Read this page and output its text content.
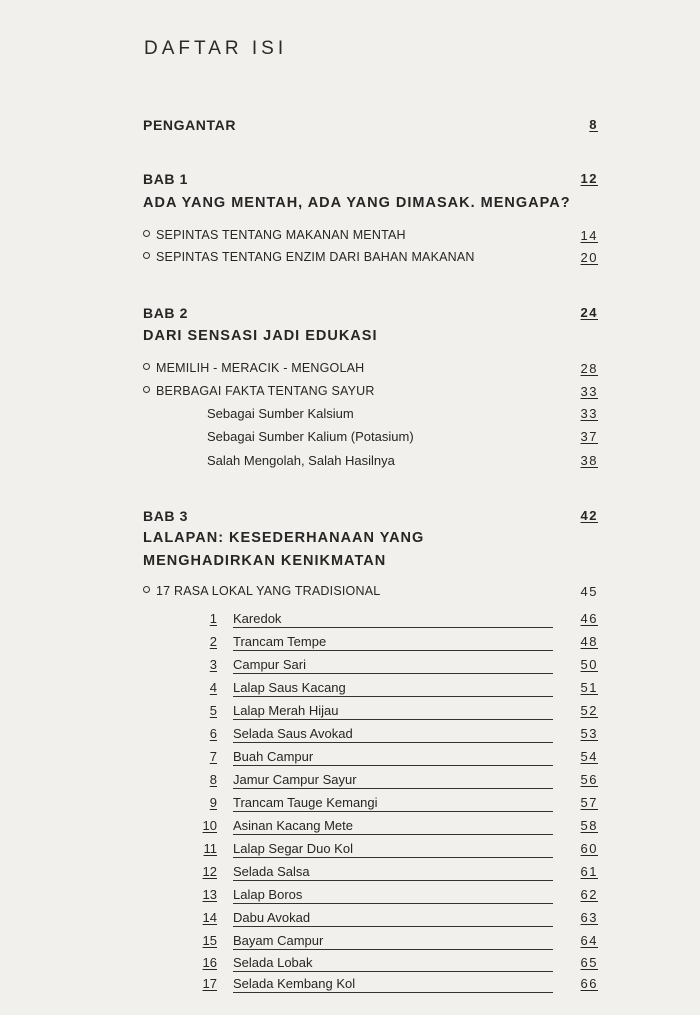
DAFTAR ISI
PENGANTAR	8
BAB 1	12
ADA YANG MENTAH, ADA YANG DIMASAK. MENGAPA?
SEPINTAS TENTANG MAKANAN MENTAH	14
SEPINTAS TENTANG ENZIM DARI BAHAN MAKANAN	20
BAB 2	24
DARI SENSASI JADI EDUKASI
MEMILIH - MERACIK - MENGOLAH	28
BERBAGAI FAKTA TENTANG SAYUR	33
Sebagai Sumber Kalsium	33
Sebagai Sumber Kalium (Potasium)	37
Salah Mengolah, Salah Hasilnya	38
BAB 3	42
LALAPAN: KESEDERHANAAN YANG
MENGHADIRKAN KENIKMATAN
17 RASA LOKAL YANG TRADISIONAL	45
1 Karedok	46
2 Trancam Tempe	48
3 Campur Sari	50
4 Lalap Saus Kacang	51
5 Lalap Merah Hijau	52
6 Selada Saus Avokad	53
7 Buah Campur	54
8 Jamur Campur Sayur	56
9 Trancam Tauge Kemangi	57
10 Asinan Kacang Mete	58
11 Lalap Segar Duo Kol	60
12 Selada Salsa	61
13 Lalap Boros	62
14 Dabu Avokad	63
15 Bayam Campur	64
16 Selada Lobak	65
17 Selada Kembang Kol	66
